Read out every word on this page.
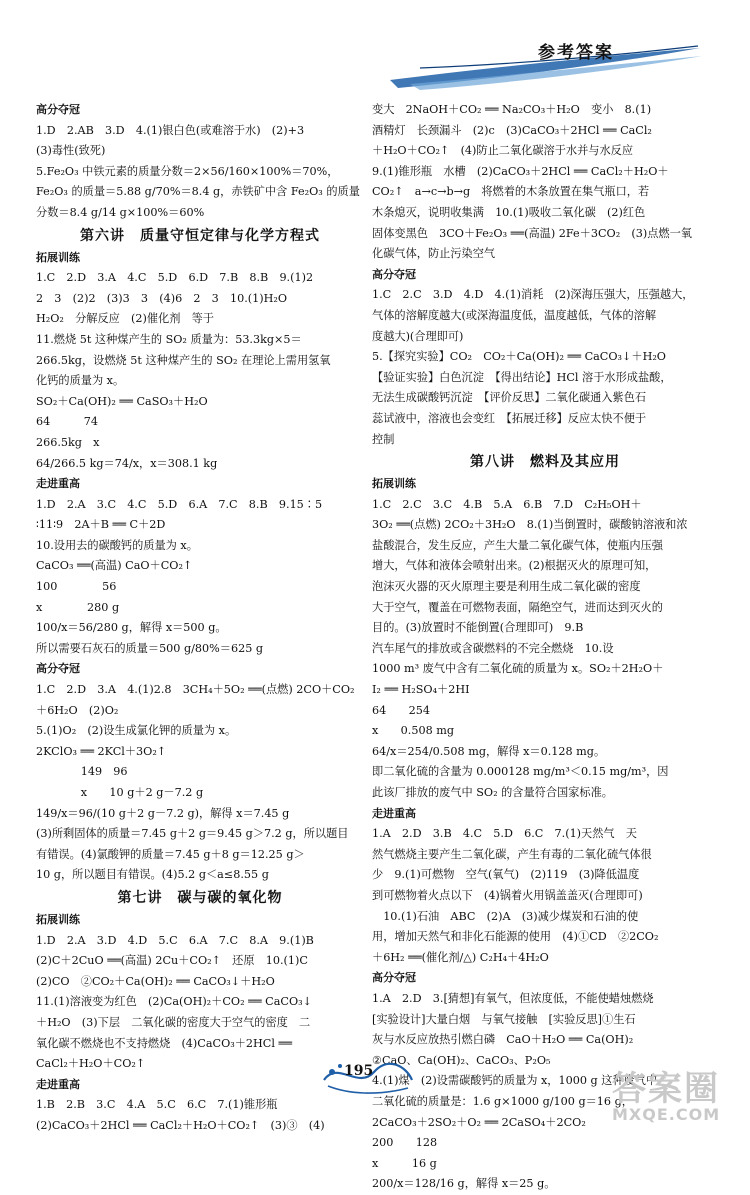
参考答案
高分夺冠
1.D　2.AB　3.D　4.(1)银白色(或难溶于水)　(2)+3
(3)毒性(致死)
5.Fe₂O₃ 中铁元素的质量分数＝2×56/160×100%＝70%，
Fe₂O₃ 的质量＝5.88 g/70%＝8.4 g，赤铁矿中含 Fe₂O₃ 的质量
分数＝8.4 g/14 g×100%＝60%
第六讲　质量守恒定律与化学方程式
拓展训练
1.C　2.D　3.A　4.C　5.D　6.D　7.B　8.B　9.(1)2
2　3　(2)2　(3)3　3　(4)6　2　3　10.(1)H₂O
H₂O₂　分解反应　(2)催化剂　等于
11.燃烧 5t 这种煤产生的 SO₂ 质量为：53.3kg×5＝
266.5kg，设燃烧 5t 这种煤产生的 SO₂ 在理论上需用氢氧
化钙的质量为 x。
SO₂＋Ca(OH)₂ ══ CaSO₃＋H₂O
64　　　74
266.5kg　x
64/266.5 kg＝74/x，x＝308.1 kg
走进重高
1.D　2.A　3.C　4.C　5.D　6.A　7.C　8.B　9.15∶5
∶11∶9　2A＋B ══ C＋2D
10.设用去的碳酸钙的质量为 x。
CaCO₃ ══(高温) CaO＋CO₂↑
100　　　　56
x　　　　280 g
100/x＝56/280 g，解得 x＝500 g。
所以需要石灰石的质量＝500 g/80%＝625 g
高分夺冠
1.C　2.D　3.A　4.(1)2.8　3CH₄＋5O₂ ══(点燃) 2CO＋CO₂
＋6H₂O　(2)O₂
5.(1)O₂　(2)设生成氯化钾的质量为 x。
2KClO₃ ══ 2KCl＋3O₂↑
　　　　149　96
　　　　x　　10 g＋2 g－7.2 g
149/x＝96/(10 g＋2 g－7.2 g)，解得 x＝7.45 g
(3)所剩固体的质量＝7.45 g＋2 g＝9.45 g＞7.2 g，所以题目
有错误。(4)氯酸钾的质量＝7.45 g＋8 g＝12.25 g＞
10 g，所以题目有错误。(4)5.2 g＜a≤8.55 g
第七讲　碳与碳的氧化物
拓展训练
1.D　2.A　3.D　4.D　5.C　6.A　7.C　8.A　9.(1)B
(2)C＋2CuO ══(高温) 2Cu＋CO₂↑　还原　10.(1)C
(2)CO　②CO₂＋Ca(OH)₂ ══ CaCO₃↓＋H₂O
11.(1)溶液变为红色　(2)Ca(OH)₂＋CO₂ ══ CaCO₃↓
＋H₂O　(3)下层　二氧化碳的密度大于空气的密度　二
氧化碳不燃烧也不支持燃烧　(4)CaCO₃＋2HCl ══
CaCl₂＋H₂O＋CO₂↑
走进重高
1.B　2.B　3.C　4.A　5.C　6.C　7.(1)锥形瓶
(2)CaCO₃＋2HCl ══ CaCl₂＋H₂O＋CO₂↑　(3)③　(4)
变大　2NaOH＋CO₂ ══ Na₂CO₃＋H₂O　变小　8.(1)
酒精灯　长颈漏斗　(2)c　(3)CaCO₃＋2HCl ══ CaCl₂
＋H₂O＋CO₂↑　(4)防止二氧化碳溶于水并与水反应
9.(1)锥形瓶　水槽　(2)CaCO₃＋2HCl ══ CaCl₂＋H₂O＋
CO₂↑　a→c→b→g　将燃着的木条放置在集气瓶口，若
木条熄灭，说明收集满　10.(1)吸收二氧化碳　(2)红色
固体变黑色　3CO＋Fe₂O₃ ══(高温) 2Fe＋3CO₂　(3)点燃一氧
化碳气体，防止污染空气
高分夺冠
1.C　2.C　3.D　4.D　4.(1)消耗　(2)深海压强大，压强越大，
气体的溶解度越大(或深海温度低，温度越低，气体的溶解
度越大)(合理即可)
5.【探究实验】CO₂　CO₂＋Ca(OH)₂ ══ CaCO₃↓＋H₂O
【验证实验】白色沉淀　【得出结论】HCl 溶于水形成盐酸，
无法生成碳酸钙沉淀　【评价反思】二氧化碳通入紫色石
蕊试液中，溶液也会变红　【拓展迁移】反应太快不便于
控制
第八讲　燃料及其应用
拓展训练
1.C　2.C　3.C　4.B　5.A　6.B　7.D　C₂H₅OH＋
3O₂ ══(点燃) 2CO₂＋3H₂O　8.(1)当倒置时，碳酸钠溶液和浓
盐酸混合，发生反应，产生大量二氧化碳气体，使瓶内压强
增大，气体和液体会喷射出来。(2)根据灭火的原理可知，
泡沫灭火器的灭火原理主要是利用生成二氧化碳的密度
大于空气，覆盖在可燃物表面，隔绝空气，进而达到灭火的
目的。(3)放置时不能倒置(合理即可)　9.B
汽车尾气的排放或含碳燃料的不完全燃烧　10.设
1000 m³ 废气中含有二氧化硫的质量为 x。SO₂＋2H₂O＋
I₂ ══ H₂SO₄＋2HI
64　　254
x　　0.508 mg
64/x＝254/0.508 mg，解得 x＝0.128 mg。
即二氧化硫的含量为 0.000128 mg/m³＜0.15 mg/m³，因
此该厂排放的废气中 SO₂ 的含量符合国家标准。
走进重高
1.A　2.D　3.B　4.C　5.D　6.C　7.(1)天然气　天
然气燃烧主要产生二氧化碳，产生有毒的二氧化硫气体很
少　9.(1)可燃物　空气(氧气)　(2)119　(3)降低温度
到可燃物着火点以下　(4)锅着火用锅盖盖灭(合理即可)
　10.(1)石油　ABC　(2)A　(3)减少煤炭和石油的使
用，增加天然气和非化石能源的使用　(4)①CD　②2CO₂
＋6H₂ ══(催化剂/△) C₂H₄＋4H₂O
高分夺冠
1.A　2.D　3.[猜想]有氧气，但浓度低，不能使蜡烛燃烧
[实验设计]大量白烟　与氧气接触　[实验反思]①生石
灰与水反应放热引燃白磷　CaO＋H₂O ══ Ca(OH)₂
②CaO、Ca(OH)₂、CaCO₃、P₂O₅
4.(1)煤　(2)设需碳酸钙的质量为 x，1000 g 这种废气中
二氧化硫的质量是：1.6 g×1000 g/100 g＝16 g，
2CaCO₃＋2SO₂＋O₂ ══ 2CaSO₄＋2CO₂
200　　128
x　　　16 g
200/x＝128/16 g，解得 x＝25 g。
195	答案圈
MXQE.COM
